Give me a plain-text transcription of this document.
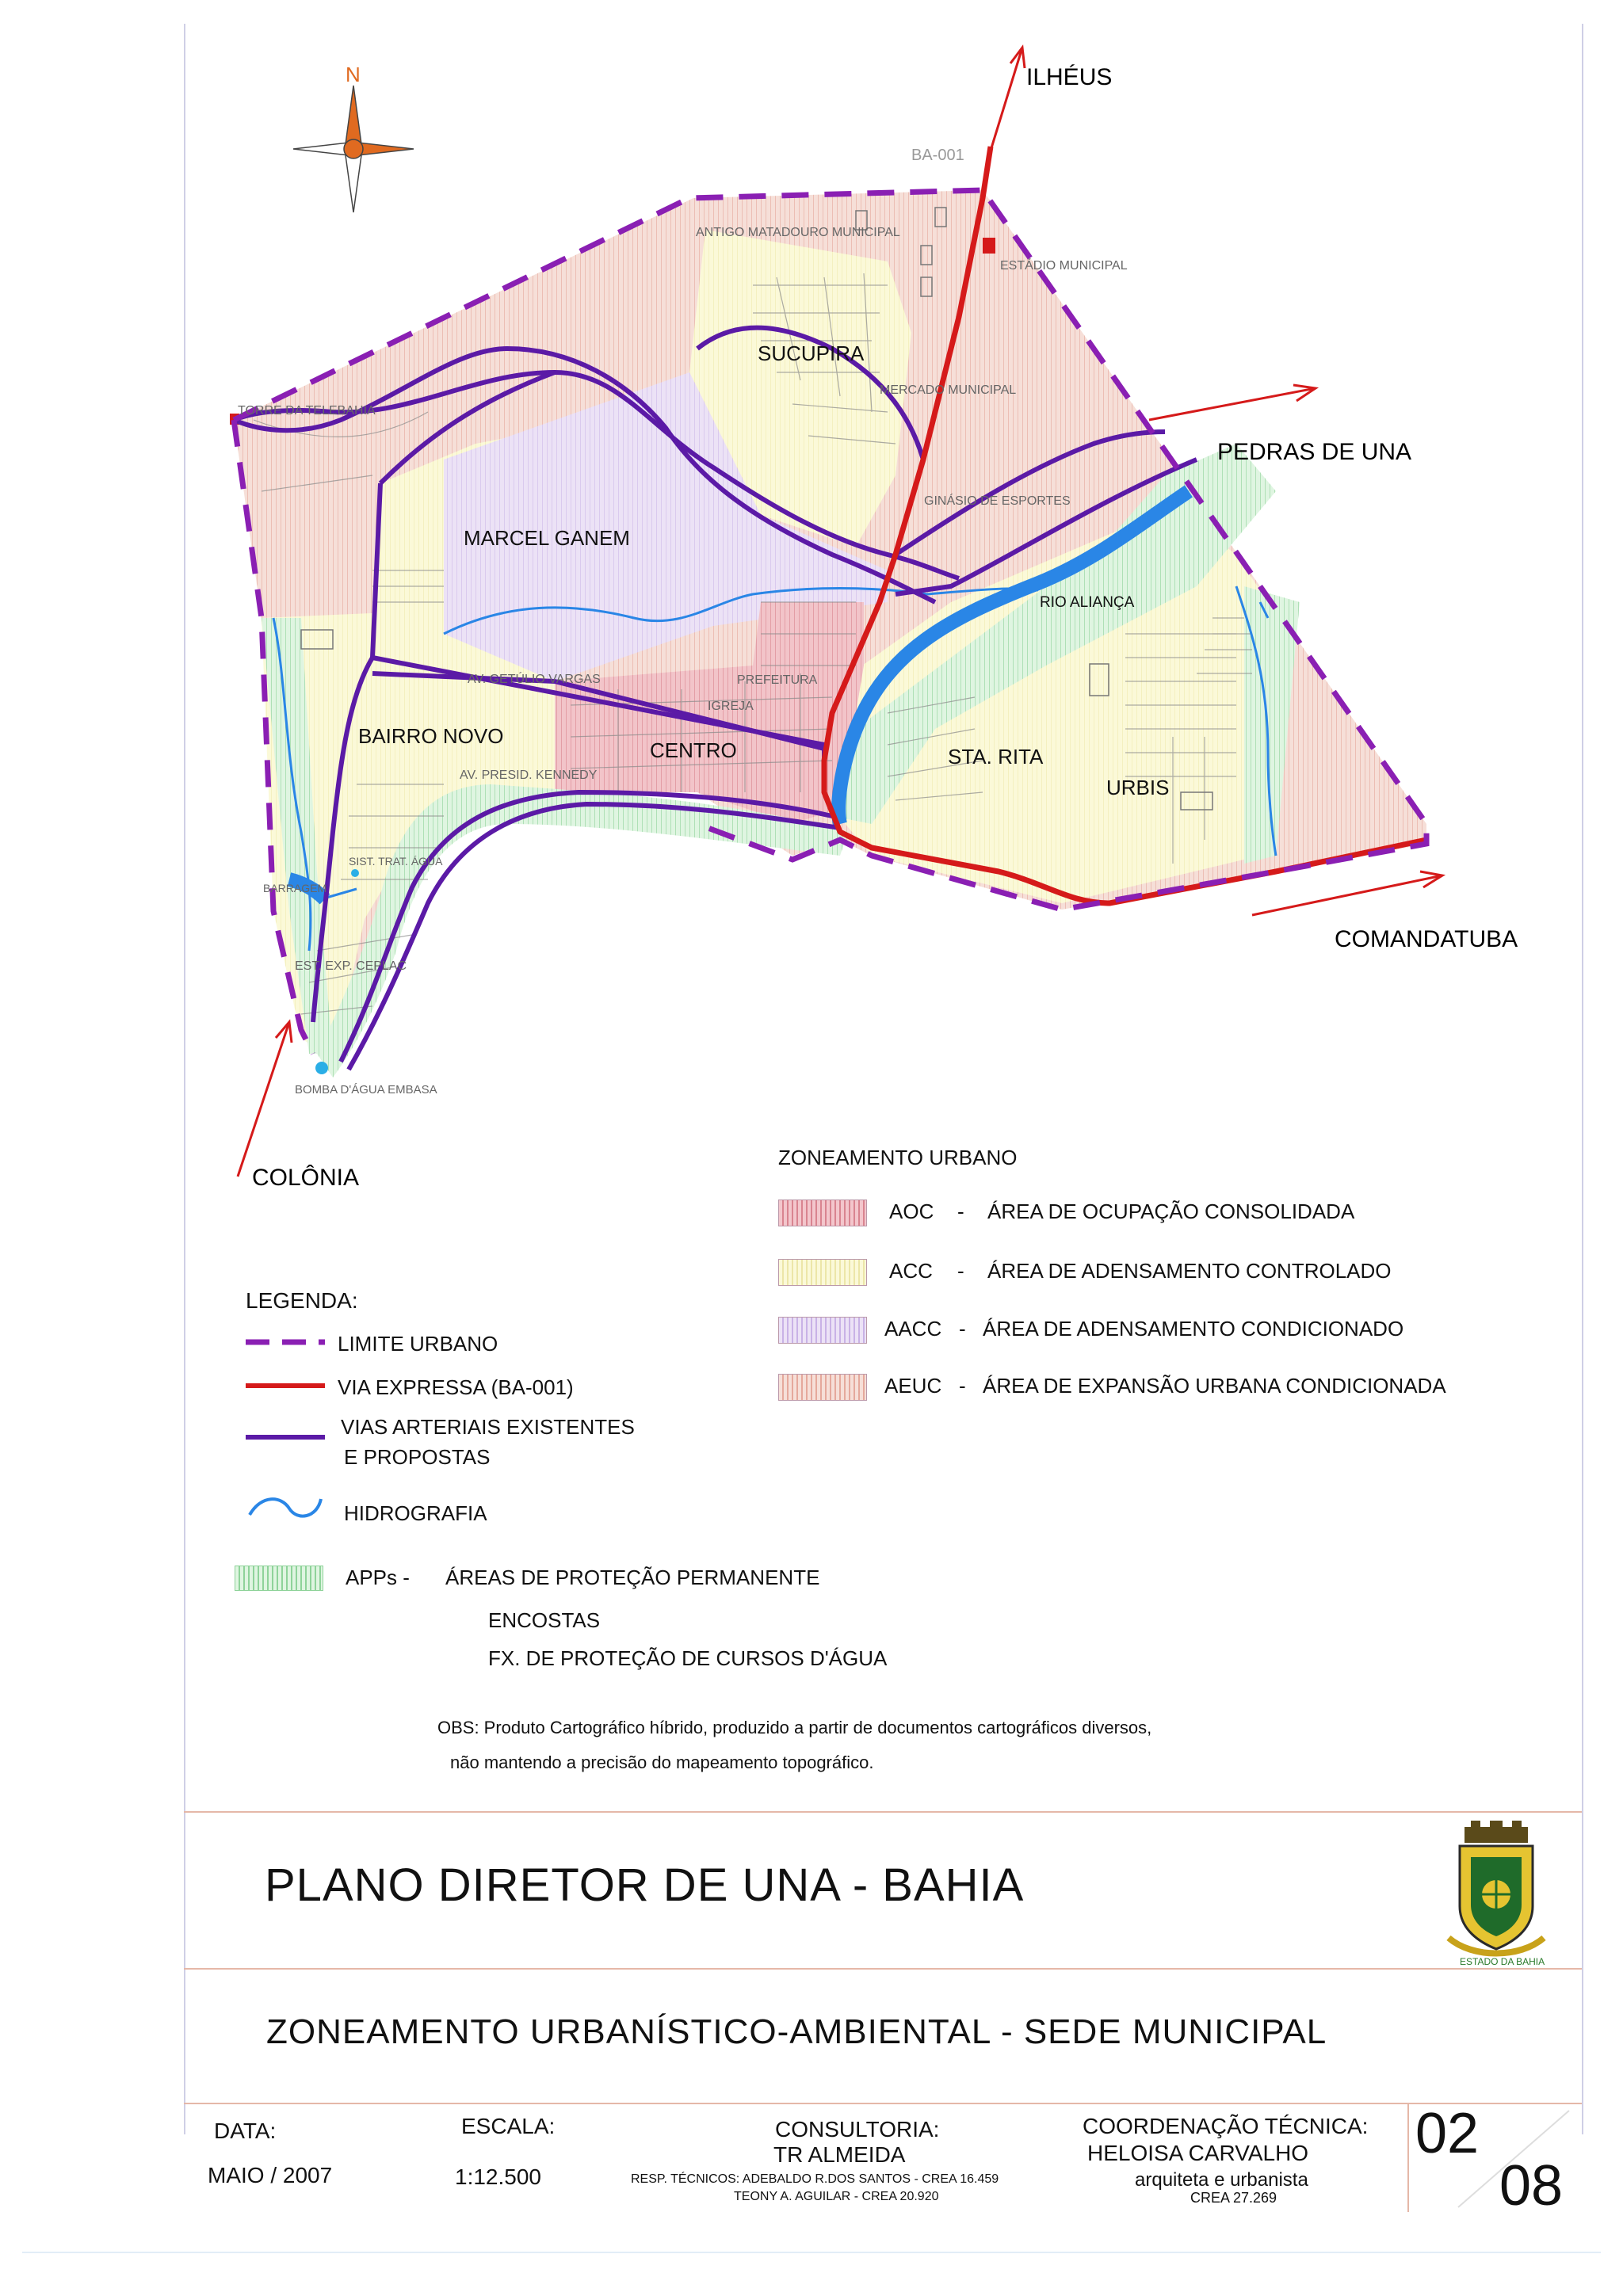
N	ILHÉUS
PEDRAS DE UNA
COMANDATUBA
COLÔNIA
BA-001
SUCUPIRA
MARCEL GANEM
BAIRRO NOVO
CENTRO	STA. RITA
URBIS
ANTIGO MATADOURO MUNICIPAL
ESTÁDIO MUNICIPAL
TORRE DA TELEBAHIA
MERCADO MUNICIPAL
GINÁSIO DE ESPORTES
PREFEITURA
IGREJA
AV. GETÚLIO VARGAS
AV. PRESID. KENNEDY
SIST. TRAT. ÁGUA
BARRAGEM
EST. EXP. CEPLAC
BOMBA D'ÁGUA EMBASA
RIO ALIANÇA
ZONEAMENTO URBANO
AOC - ÁREA DE OCUPAÇÃO CONSOLIDADA
ACC - ÁREA DE ADENSAMENTO CONTROLADO
AACC - ÁREA DE ADENSAMENTO CONDICIONADO
AEUC - ÁREA DE EXPANSÃO URBANA CONDICIONADA
LEGENDA:
LIMITE URBANO
VIA EXPRESSA (BA-001)
VIAS ARTERIAIS EXISTENTES
E PROPOSTAS
HIDROGRAFIA
APPs - ÁREAS DE PROTEÇÃO PERMANENTE
ENCOSTAS
FX. DE PROTEÇÃO DE CURSOS D'ÁGUA
OBS: Produto Cartográfico híbrido, produzido a partir de documentos cartográficos diversos,
não mantendo a precisão do mapeamento topográfico.
PLANO DIRETOR DE UNA - BAHIA
ESTADO DA BAHIA
ZONEAMENTO URBANÍSTICO-AMBIENTAL - SEDE MUNICIPAL
DATA:
MAIO / 2007
ESCALA:
1:12.500
CONSULTORIA:
TR ALMEIDA
RESP. TÉCNICOS: ADEBALDO R.DOS SANTOS - CREA 16.459
TEONY A. AGUILAR - CREA 20.920
COORDENAÇÃO TÉCNICA:
HELOISA CARVALHO
arquiteta e urbanista
CREA 27.269
02
08
